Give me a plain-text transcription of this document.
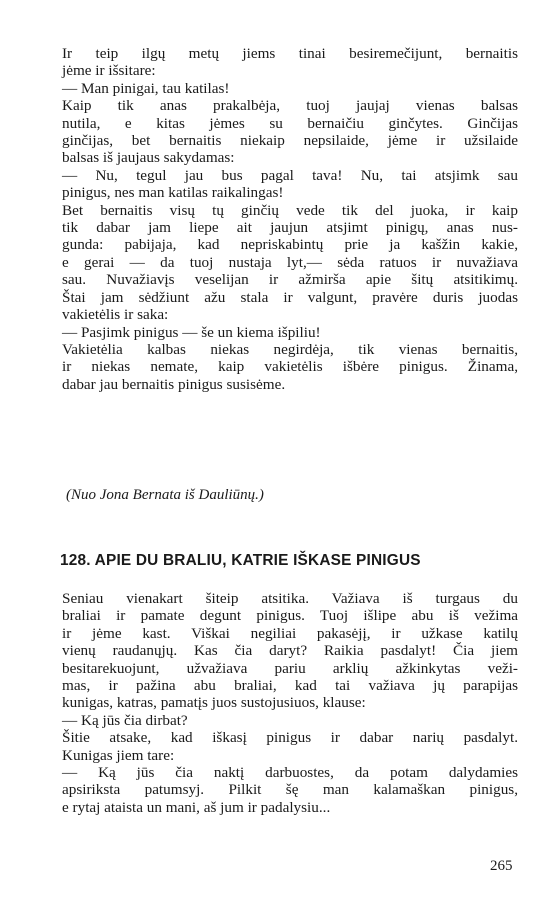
Ir teip ilgų metų jiems tinai besiremečijunt, bernaitis

jėme ir išsitare:

— Man pinigai, tau katilas!

Kaip tik anas prakalbėja, tuoj jaujaj vienas balsas

nutila, e kitas jėmes su bernaičiu ginčytes. Ginčijas

ginčijas, bet bernaitis niekaip nepsilaide, jėme ir užsilaide

balsas iš jaujaus sakydamas:

— Nu, tegul jau bus pagal tava! Nu, tai atsjimk sau

pinigus, nes man katilas raikalingas!

Bet bernaitis visų tų ginčių vede tik del juoka, ir kaip

tik dabar jam liepe ait jaujun atsjimt pinigų, anas nus-

gunda: pabijaja, kad nepriskabintų prie ja kašžin kakie,

e gerai — da tuoj nustaja lyt,— sėda ratuos ir nuvažiava

sau. Nuvažiavįs veselijan ir ažmirša apie šitų atsitikimų.

Štai jam sėdžiunt ažu stala ir valgunt, pravėre duris juodas

vakietėlis ir saka:

— Pasjimk pinigus — še un kiema išpiliu!

Vakietėlia kalbas niekas negirdėja, tik vienas bernaitis,

ir niekas nemate, kaip vakietėlis išbėre pinigus. Žinama,

dabar jau bernaitis pinigus susisėme.

(Nuo Jona Bernata iš Dauliūnų.)

128. APIE DU BRALIU, KATRIE IŠKASE PINIGUS

Seniau vienakart šiteip atsitika. Važiava iš turgaus du

braliai ir pamate degunt pinigus. Tuoj išlipe abu iš vežima

ir jėme kast. Viškai negiliai pakasėjį, ir užkase katilų

vienų raudanųjų. Kas čia daryt? Raikia pasdalyt! Čia jiem

besitarekuojunt, užvažiava pariu arklių ažkinkytas veži-

mas, ir pažina abu braliai, kad tai važiava jų parapijas

kunigas, katras, pamatįs juos sustojusiuos, klause:

— Ką jūs čia dirbat?

Šitie atsake, kad iškasį pinigus ir dabar narių pasdalyt.

Kunigas jiem tare:

— Ką jūs čia naktį darbuostes, da potam dalydamies

apsiriksta patumsyj. Pilkit šę man kalamaškan pinigus,

e rytaj ataista un mani, aš jum ir padalysiu...

265
